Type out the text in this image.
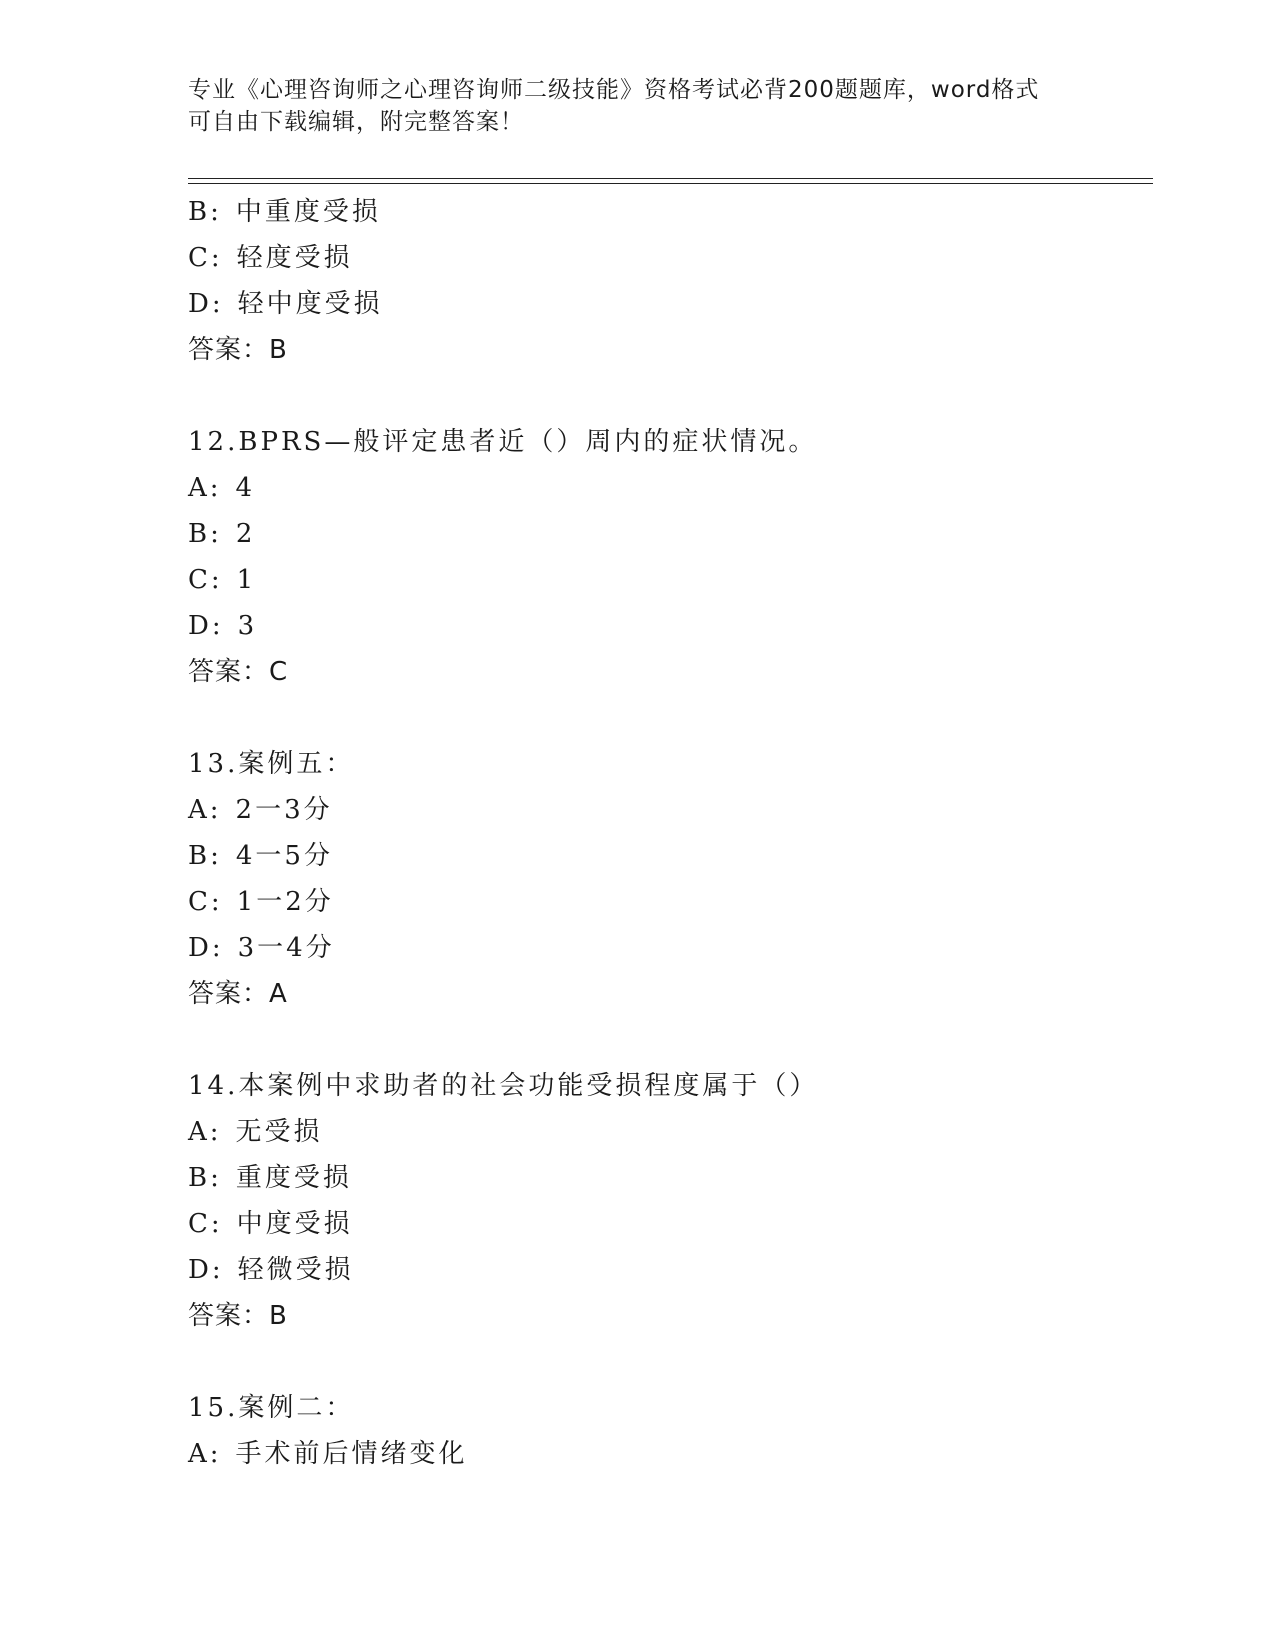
专业《心理咨询师之心理咨询师二级技能》资格考试必背200题题库，word格式
可自由下载编辑，附完整答案！
B: 中重度受损
C: 轻度受损
D: 轻中度受损
答案：B
12.BPRS—般评定患者近（）周内的症状情况。
A: 4
B: 2
C: 1
D: 3
答案：C
13.案例五：
A: 2一3分
B: 4一5分
C: 1一2分
D: 3一4分
答案：A
14.本案例中求助者的社会功能受损程度属于（）
A: 无受损
B: 重度受损
C: 中度受损
D: 轻微受损
答案：B
15.案例二：
A: 手术前后情绪变化
